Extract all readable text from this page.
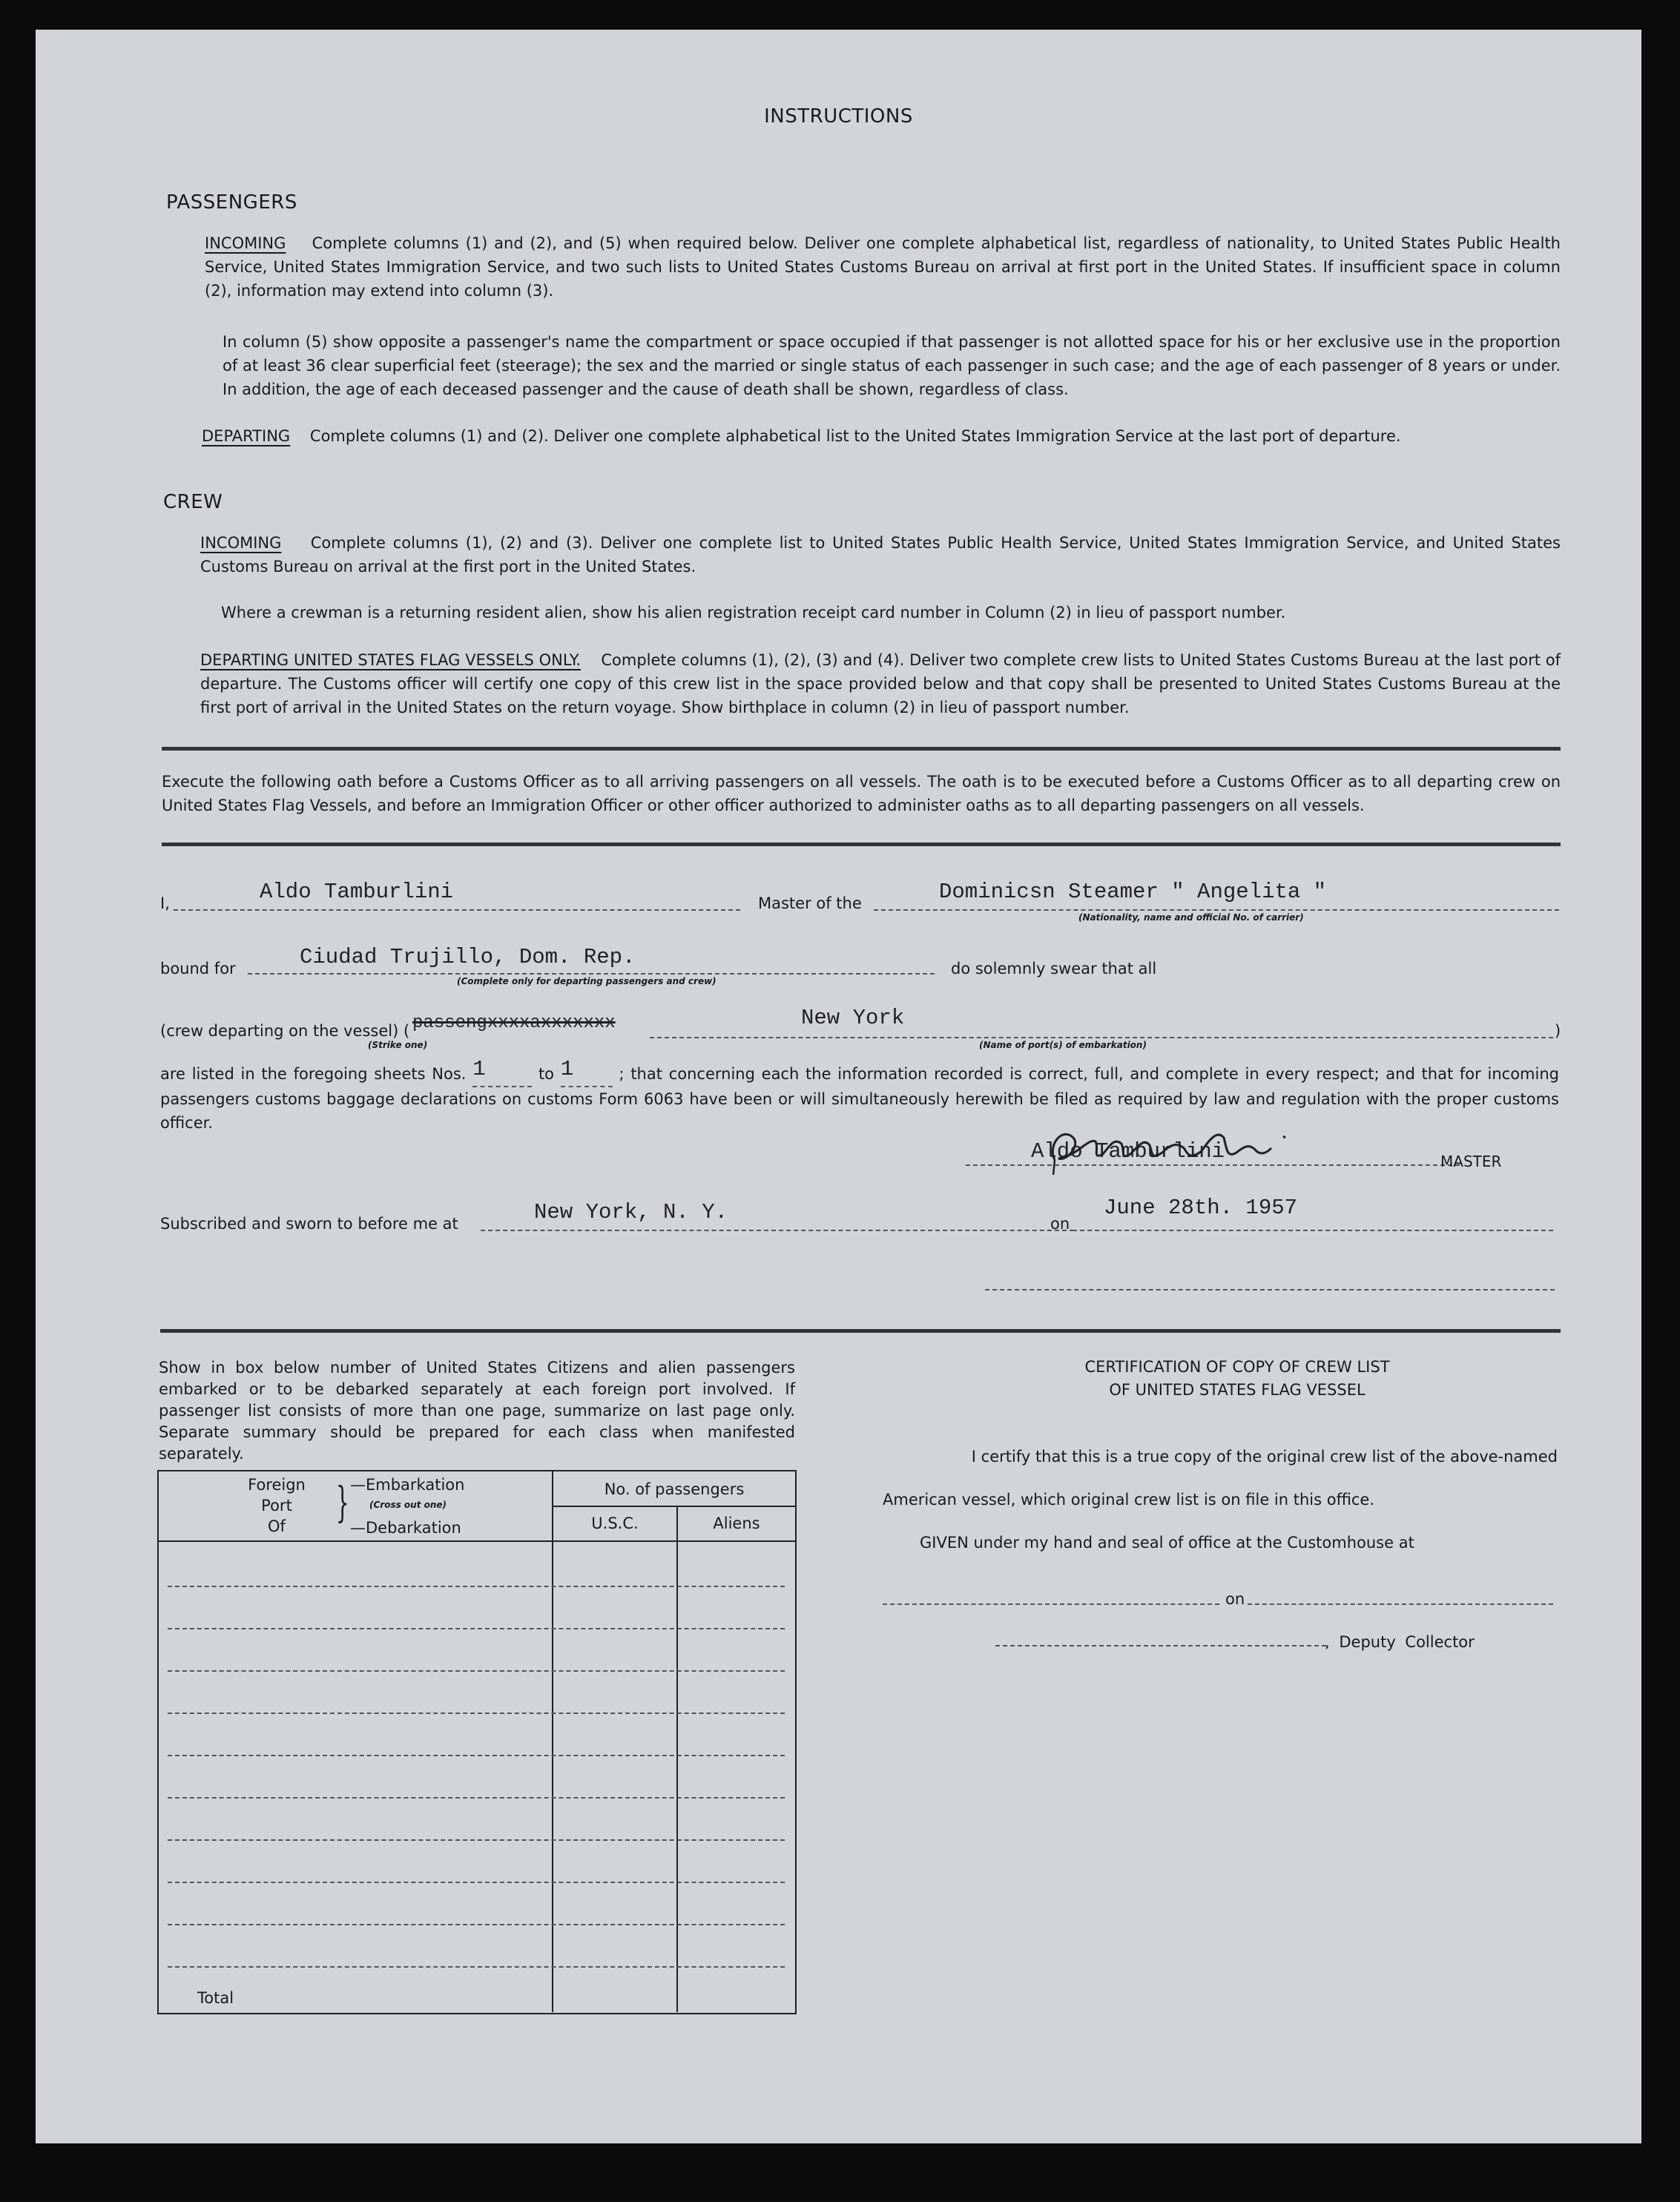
INSTRUCTIONS
PASSENGERS
INCOMING Complete columns (1) and (2), and (5) when required below. Deliver one complete alphabetical list, regardless of nationality, to United States Public Health Service, United States Immigration Service, and two such lists to United States Customs Bureau on arrival at first port in the United States. If insufficient space in column (2), information may extend into column (3).
In column (5) show opposite a passenger's name the compartment or space occupied if that passenger is not allotted space for his or her exclusive use in the proportion of at least 36 clear superficial feet (steerage); the sex and the married or single status of each passenger in such case; and the age of each passenger of 8 years or under. In addition, the age of each deceased passenger and the cause of death shall be shown, regardless of class.
DEPARTING Complete columns (1) and (2). Deliver one complete alphabetical list to the United States Immigration Service at the last port of departure.
CREW
INCOMING Complete columns (1), (2) and (3). Deliver one complete list to United States Public Health Service, United States Immigration Service, and United States Customs Bureau on arrival at the first port in the United States.
Where a crewman is a returning resident alien, show his alien registration receipt card number in Column (2) in lieu of passport number.
DEPARTING UNITED STATES FLAG VESSELS ONLY. Complete columns (1), (2), (3) and (4). Deliver two complete crew lists to United States Customs Bureau at the last port of departure. The Customs officer will certify one copy of this crew list in the space provided below and that copy shall be presented to United States Customs Bureau at the first port of arrival in the United States on the return voyage. Show birthplace in column (2) in lieu of passport number.
Execute the following oath before a Customs Officer as to all arriving passengers on all vessels. The oath is to be executed before a Customs Officer as to all departing crew on United States Flag Vessels, and before an Immigration Officer or other officer authorized to administer oaths as to all departing passengers on all vessels.
I,	Aldo Tamburlini	Master of the	Dominicsn Steamer " Angelita "
(Nationality, name and official No. of carrier)
bound for	Ciudad Trujillo, Dom. Rep.
(Complete only for departing passengers and crew)
do solemnly swear that all
(crew departing on the vessel) ( passengxxxxaxxxxxxx
(Strike one)
New York
(Name of port(s) of embarkation)
)
are listed in the foregoing sheets Nos. 1	to 1	; that concerning each the information recorded is correct, full, and complete in every respect; and that for incoming passengers customs baggage declarations on customs Form 6063 have been or will simultaneously herewith be filed as required by law and regulation with the proper customs officer.
Aldo Tamburlini	MASTER
Subscribed and sworn to before me at	New York, N. Y.	on
June 28th. 1957
Show in box below number of United States Citizens and alien passengers embarked or to be debarked separately at each foreign port involved. If passenger list consists of more than one page, summarize on last page only. Separate summary should be prepared for each class when manifested separately.
Foreign
Port
Of	} —Embarkation
(Cross out one)
—Debarkation
No. of passengers
U.S.C.	Aliens
Total
CERTIFICATION OF COPY OF CREW LIST
OF UNITED STATES FLAG VESSEL
I certify that this is a true copy of the original crew list of the above-named
American vessel, which original crew list is on file in this office.
GIVEN under my hand and seal of office at the Customhouse at
on
, Deputy Collector
